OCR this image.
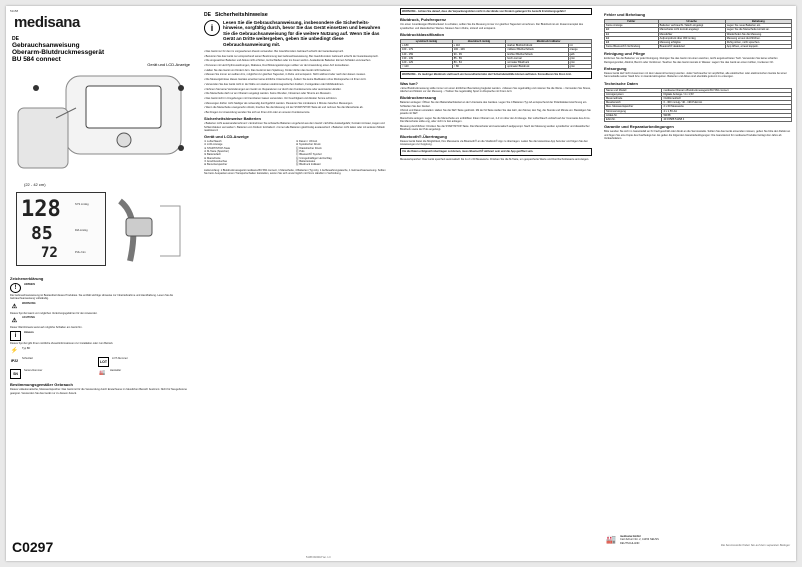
51158
medisana
DE
Gebrauchsanweisung
Oberarm-Blutdruckmessgerät
BU 584 connect
Gerät und LCD-Anzeige
(22 - 42 cm)
128
85
72
SYS mmHg
DIA mmHg
PUL /min
Zeichenerklärung
!
HINWEIS
Die Gebrauchsanweisung ist Bestandteil dieses Produktes. Sie enthält wichtige Hinweise zur Inbetriebnahme und Handhabung. Lesen Sie die Gebrauchsanweisung vollständig.
⚠	WARNUNG
Dieses Symbol warnt vor möglichen Verletzungsgefahren für den Anwender.
⚠	ACHTUNG
Dieser Warnhinweis weist auf mögliche Schäden am Gerät hin.
i
Hinweis
Dieses Symbol gibt Ihnen nützliche Zusatzinformationen zur Installation oder zum Betrieb.
⚡ Typ BF
IP22
Schutzart
LOT
LOT-Nummer
SN
Serien-Nummer	🏭	Hersteller
Bestimmungsgemäßer Gebrauch
Dieses vollautomatische, Messwertspeicher. Das Gerät ist für die Verwendung durch Erwachsene im häuslichen Bereich bestimmt. Nicht für Neugeborene geeignet. Verwenden Sie das Gerät nur zu diesem Zweck.
C0297
DE Sicherheitshinweise
i
Lesen Sie die Gebrauchsanweisung, insbesondere die Sicherheits-hinweise, sorgfältig durch, bevor Sie das Gerät einsetzen und bewahren Sie die Gebrauchsanweisung für die weitere Nutzung auf. Wenn Sie das Gerät an Dritte weitergeben, geben Sie unbedingt diese Gebrauchsanweisung mit.
• Das Gerät nur für den im vorgesehenen Zweck verwenden. Bei zweckfremdem Gebrauch erlischt der Garantieanspruch.
• Benutzen Sie das Gerät nur entsprechend seiner Bestimmung laut Gebrauchsanweisung. Bei zweckfremdem Gebrauch erlischt der Garantieanspruch.
• Die eingesetzten Batterien und Akkus nicht erhitzen, kurzschließen oder ins Feuer werfen. Auslaufende Batterien können Schäden verursachen.
• Personen mit Herzrhythmusstörungen, Diabetes, Durchblutungsstörungen sollten vor der Anwendung einen Arzt konsultieren.
• Halten Sie das Gerät von Kindern fern. Das Gerät ist kein Spielzeug. Kinder dürfen das Gerät nicht bedienen.
• Messen Sie immer am selben Arm, möglichst zur gleichen Tageszeit, in Ruhe und entspannt. Nicht während oder nach dem Essen messen.
• Die Messergebnisse dieses Gerätes ersetzen keine ärztliche Untersuchung. Ändern Sie keine Medikation ohne Rücksprache mit Ihrem Arzt.
• Verwenden Sie das Gerät nicht in der Nähe von starken elektromagnetischen Feldern, Funkgeräten oder Mobiltelefonen.
• Nehmen Sie keine Veränderungen am Gerät vor. Reparaturen nur durch den Kundenservice oder autorisierte Händler.
• Die Manschette darf nur am Oberarm angelegt werden. Keine Wunden, Infusionen oder Shunts am Messarm.
• Das Gerät nicht in Umgebungen mit brennbaren Gasen verwenden. Vor Feuchtigkeit und direkter Sonne schützen.
• Messungen dürfen nicht häufiger als notwendig durchgeführt werden. Pausieren Sie mindestens 1 Minute zwischen Messungen.
• Wenn die Manschette unangenehm drückt, brechen Sie die Messung mit der START/STOP-Taste ab und nehmen Sie die Manschette ab.
• Bei Fragen zur Anwendung wenden Sie sich an Ihren Arzt oder an unseren Kundenservice.
Sicherheitshinweise Batterien
• Batterien nicht auseinandernehmen! • Entnehmen Sie schwache Batterien umgehend aus dem Gerät! • Erhöhte Auslaufgefahr, Kontakt mit Haut, Augen und Schleimhäuten vermeiden! • Batterien von Kindern fernhalten! • Immer alle Batterien gleichzeitig austauschen! • Batterien nicht laden oder mit anderen Mitteln reaktivieren!
Gerät und LCD-Anzeige
① Luftschlauch	⑨ Datum / Uhrzeit
② LCD-Anzeige	⑩ Systolischer Druck
③ START/STOP-Taste	⑪ Diastolischer Druck
④ M-Taste (Speicher)	⑫ Puls
⑤ Batteriefach	⑬ Bluetooth® Symbol
⑥ Manschette	⑭ Unregelmäßiger Herzschlag
⑦ Anschlussbuchse	⑮ Batteriestatus
⑧ Benutzerspeicher	⑯ Blutdruck Indikator
Lieferumfang: 1 Blutdruckmessgerät medisana BU 584 connect, 1 Manschette, 4 Batterien (Typ AA), 1 Aufbewahrungstasche, 1 Gebrauchsanweisung. Sollten Sie beim Auspacken einen Transportschaden feststellen, setzen Sie sich unverzüglich mit Ihrem Händler in Verbindung.
WARNUNG - Achten Sie darauf, dass die Verpackungsfolien nicht in die Hände von Kindern gelangen! Es besteht Erstickungsgefahr!
Blutdruck, Pulsfrequenz
Um einen zuverlässigen Blutdruckwert zu erhalten, sollten Sie die Messung immer zur gleichen Tageszeit vornehmen. Der Blutdruck ist ein Zusammenspiel des systolischen und diastolischen Wertes. Messen Sie in Ruhe, sitzend und entspannt.
Blutdruckklassifikation
systolisch mmHg	diastolisch mmHg	Blutdruck Indikator	
≥ 180	≥ 110	starker Bluthochdruck	rot
160 - 179	100 - 109	mittlerer Bluthochdruck	orange
140 - 159	90 - 99	leichter Bluthochdruck	gelb
130 - 139	85 - 89	hoch-normal	grün
120 - 129	80 - 84	normaler Blutdruck	grün
< 120	< 80	optimaler Blutdruck	grün
WARNUNG - Zu niedriger Blutdruck stellt auch ein Gesundheitsrisiko dar! Schwindelanfälle können auftreten. Konsultieren Sie Ihren Arzt.
Was tun?
• Eine Blutdruckmessung sollte immer von einer ärztlichen Beurteilung begleitet werden. • Messen Sie regelmäßig und notieren Sie die Werte. • Vermeiden Sie Stress, Alkohol und Nikotin vor der Messung. • Treiben Sie regelmäßig Sport in Absprache mit Ihrem Arzt.
Blutdruckmessung
Batterien einlegen: Öffnen Sie den Batteriefachdeckel an der Unterseite des Gerätes. Legen Sie 4 Batterien Typ AA entsprechend der Polaritätskennzeichnung ein. Schließen Sie den Deckel.
Uhrzeit und Datum einstellen: Halten Sie die SET-Taste gedrückt. Mit der M-Taste stellen Sie das Jahr, den Monat, den Tag, die Stunde und Minute ein. Bestätigen Sie jeweils mit SET.
Manschette anlegen: Legen Sie die Manschette am entblößten linken Oberarm an, 2-3 cm über der Armbeuge. Der Luftschlauch verläuft auf der Innenseite des Arms. Die Manschette sollte eng, aber nicht zu fest anliegen.
Messung durchführen: Drücken Sie die START/STOP-Taste. Die Manschette wird automatisch aufgepumpt. Nach der Messung werden systolischer und diastolischer Blutdruck sowie der Puls angezeigt.
Bluetooth®-Übertragung
Dieses Gerät bietet die Möglichkeit, Ihre Messwerte via Bluetooth® an die VitaDock® App zu übertragen. Laden Sie die kostenlose App herunter und folgen Sie den Anweisungen zur Kopplung.
Um die Daten erfolgreich übertragen zu können, muss Bluetooth® aktiviert sein und die App geöffnet sein.
Messwertspeicher: Das Gerät speichert automatisch bis zu 2 x 60 Messwerte. Drücken Sie die M-Taste, um gespeicherte Werte und Durchschnittswerte anzuzeigen.
Fehler und Behebung
Fehler	Ursache	Behebung
Keine Anzeige	Batterien verbraucht / falsch eingelegt	Legen Sie neue Batterien ein.
E0	Manschette nicht korrekt angelegt	Legen Sie die Manschette korrekt an.
E1	Messfehler	Wiederholen Sie die Messung.
E2	Aufpumpdruck über 300 mmHg	Messung erneut durchführen.
E3	Messung erfolglos	Ruhig sitzen, nicht sprechen.
Keine Bluetooth®-Verbindung	Bluetooth® deaktiviert	App öffnen, erneut koppeln.
Reinigung und Pflege
Entfernen Sie die Batterien vor jeder Reinigung. Reinigen Sie das Gerät mit einem weichen, leicht angefeuchteten Tuch. Verwenden Sie keine scharfen Reinigungsmittel, Alkohol, Benzin oder Verdünner. Tauchen Sie das Gerät niemals in Wasser. Lagern Sie das Gerät an einem kühlen, trockenen Ort.
Entsorgung
Dieses Gerät darf nicht zusammen mit dem Hausmüll entsorgt werden. Jeder Verbraucher ist verpflichtet, alle elektrischen oder elektronischen Geräte bei einer Sammelstelle seiner Stadt bzw. im Handel abzugeben. Batterien und Akkus sind ebenfalls getrennt zu entsorgen.
Technische Daten
Name und Modell	medisana Oberarm-Blutdruckmessgerät BU 584 connect
Anzeigesystem	Digitale Anzeige / 4 x 1,5V
Messmethode	Oszillometrisch
Messbereich	0 - 300 mmHg / 40 - 199 Puls/min
Max. Messwertspeicher	2 x 60 Messwerte
Stromversorgung	4 x 1,5V AA
Artikel-Nr.	51158
EAN-Nr.	40 15588 51158 4
Garantie und Reparaturbedingungen
Bitte wenden Sie sich im Garantiefall an Ihr Fachgeschäft oder direkt an die Servicestelle. Sollten Sie das Gerät einsenden müssen, geben Sie bitte den Defekt an und fügen Sie eine Kopie des Kaufbelegs bei. Es gelten die folgenden Garantiebedingungen: Die Garantiezeit für medisana Produkte beträgt drei Jahre ab Verkaufsdatum.
🏭 medisana GmbH
Carl-Schurz-Str. 2, 41453 NEUSS
DEUTSCHLAND	Die Servicestelle finden Sie auf dem separaten Beileger
51158 06/2018 Ver. 1.0
